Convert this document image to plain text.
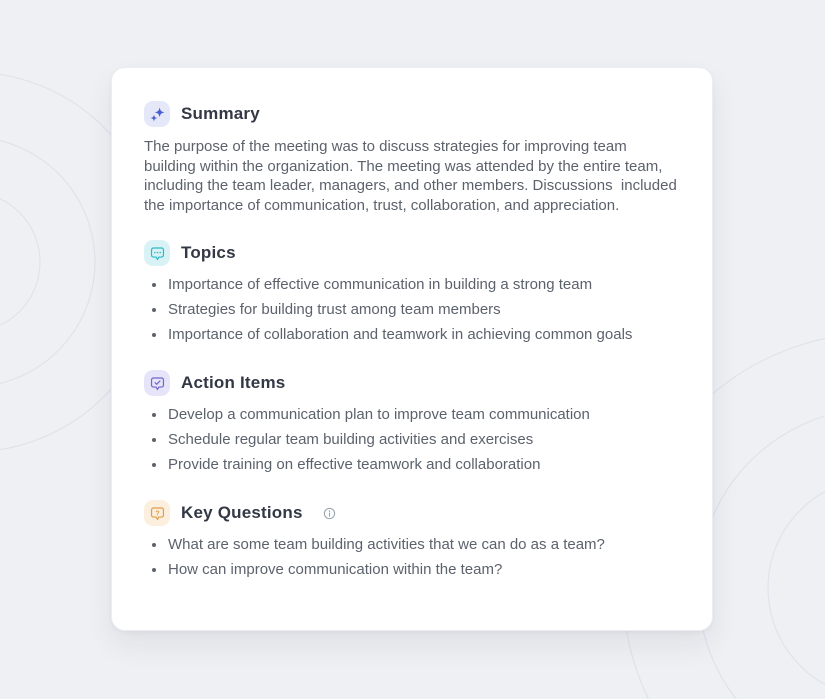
Summary

The purpose of the meeting was to discuss strategies for improving team building within the organization. The meeting was attended by the entire team, including the team leader, managers, and other members. Discussions  included the importance of communication, trust, collaboration, and appreciation.

Topics
• Importance of effective communication in building a strong team
• Strategies for building trust among team members
• Importance of collaboration and teamwork in achieving common goals
Action Items
• Develop a communication plan to improve team communication
• Schedule regular team building activities and exercises
• Provide training on effective teamwork and collaboration
? Key Questions
• What are some team building activities that we can do as a team?
• How can improve communication within the team?
